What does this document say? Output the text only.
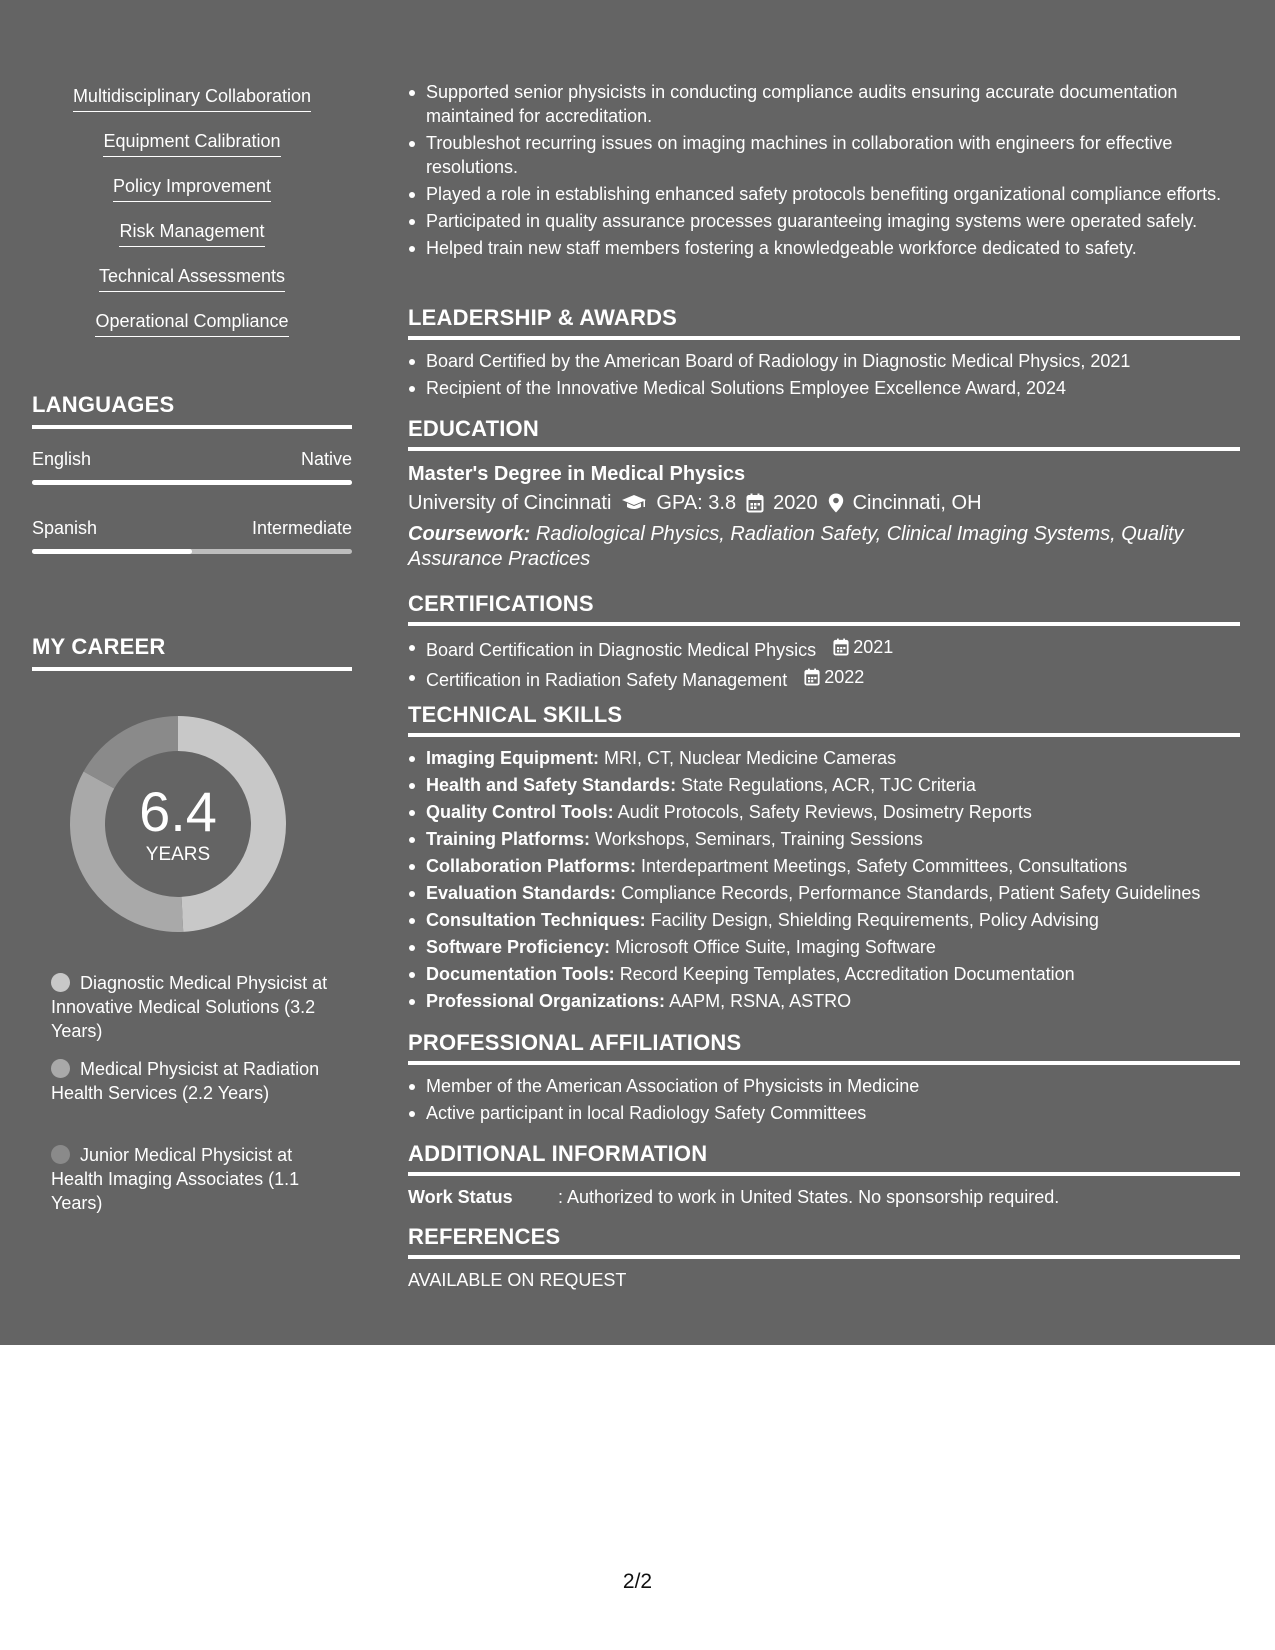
Multidisciplinary Collaboration
Equipment Calibration
Policy Improvement
Risk Management
Technical Assessments
Operational Compliance
LANGUAGES
English	Native
Spanish	Intermediate
MY CAREER
6.4
YEARS
Diagnostic Medical Physicist at Innovative Medical Solutions (3.2 Years)
Medical Physicist at Radiation Health Services (2.2 Years)
Junior Medical Physicist at Health Imaging Associates (1.1 Years)
Supported senior physicists in conducting compliance audits ensuring accurate documentation maintained for accreditation.
Troubleshot recurring issues on imaging machines in collaboration with engineers for effective resolutions.
Played a role in establishing enhanced safety protocols benefiting organizational compliance efforts.
Participated in quality assurance processes guaranteeing imaging systems were operated safely.
Helped train new staff members fostering a knowledgeable workforce dedicated to safety.
LEADERSHIP & AWARDS
Board Certified by the American Board of Radiology in Diagnostic Medical Physics, 2021
Recipient of the Innovative Medical Solutions Employee Excellence Award, 2024
EDUCATION
Master's Degree in Medical Physics
University of Cincinnati GPA: 3.8 2020 Cincinnati, OH
Coursework: Radiological Physics, Radiation Safety, Clinical Imaging Systems, Quality Assurance Practices
CERTIFICATIONS
Board Certification in Diagnostic Medical Physics 2021
Certification in Radiation Safety Management 2022
TECHNICAL SKILLS
Imaging Equipment: MRI, CT, Nuclear Medicine Cameras
Health and Safety Standards: State Regulations, ACR, TJC Criteria
Quality Control Tools: Audit Protocols, Safety Reviews, Dosimetry Reports
Training Platforms: Workshops, Seminars, Training Sessions
Collaboration Platforms: Interdepartment Meetings, Safety Committees, Consultations
Evaluation Standards: Compliance Records, Performance Standards, Patient Safety Guidelines
Consultation Techniques: Facility Design, Shielding Requirements, Policy Advising
Software Proficiency: Microsoft Office Suite, Imaging Software
Documentation Tools: Record Keeping Templates, Accreditation Documentation
Professional Organizations: AAPM, RSNA, ASTRO
PROFESSIONAL AFFILIATIONS
Member of the American Association of Physicists in Medicine
Active participant in local Radiology Safety Committees
ADDITIONAL INFORMATION
Work Status	: Authorized to work in United States. No sponsorship required.
REFERENCES
AVAILABLE ON REQUEST
2/2
